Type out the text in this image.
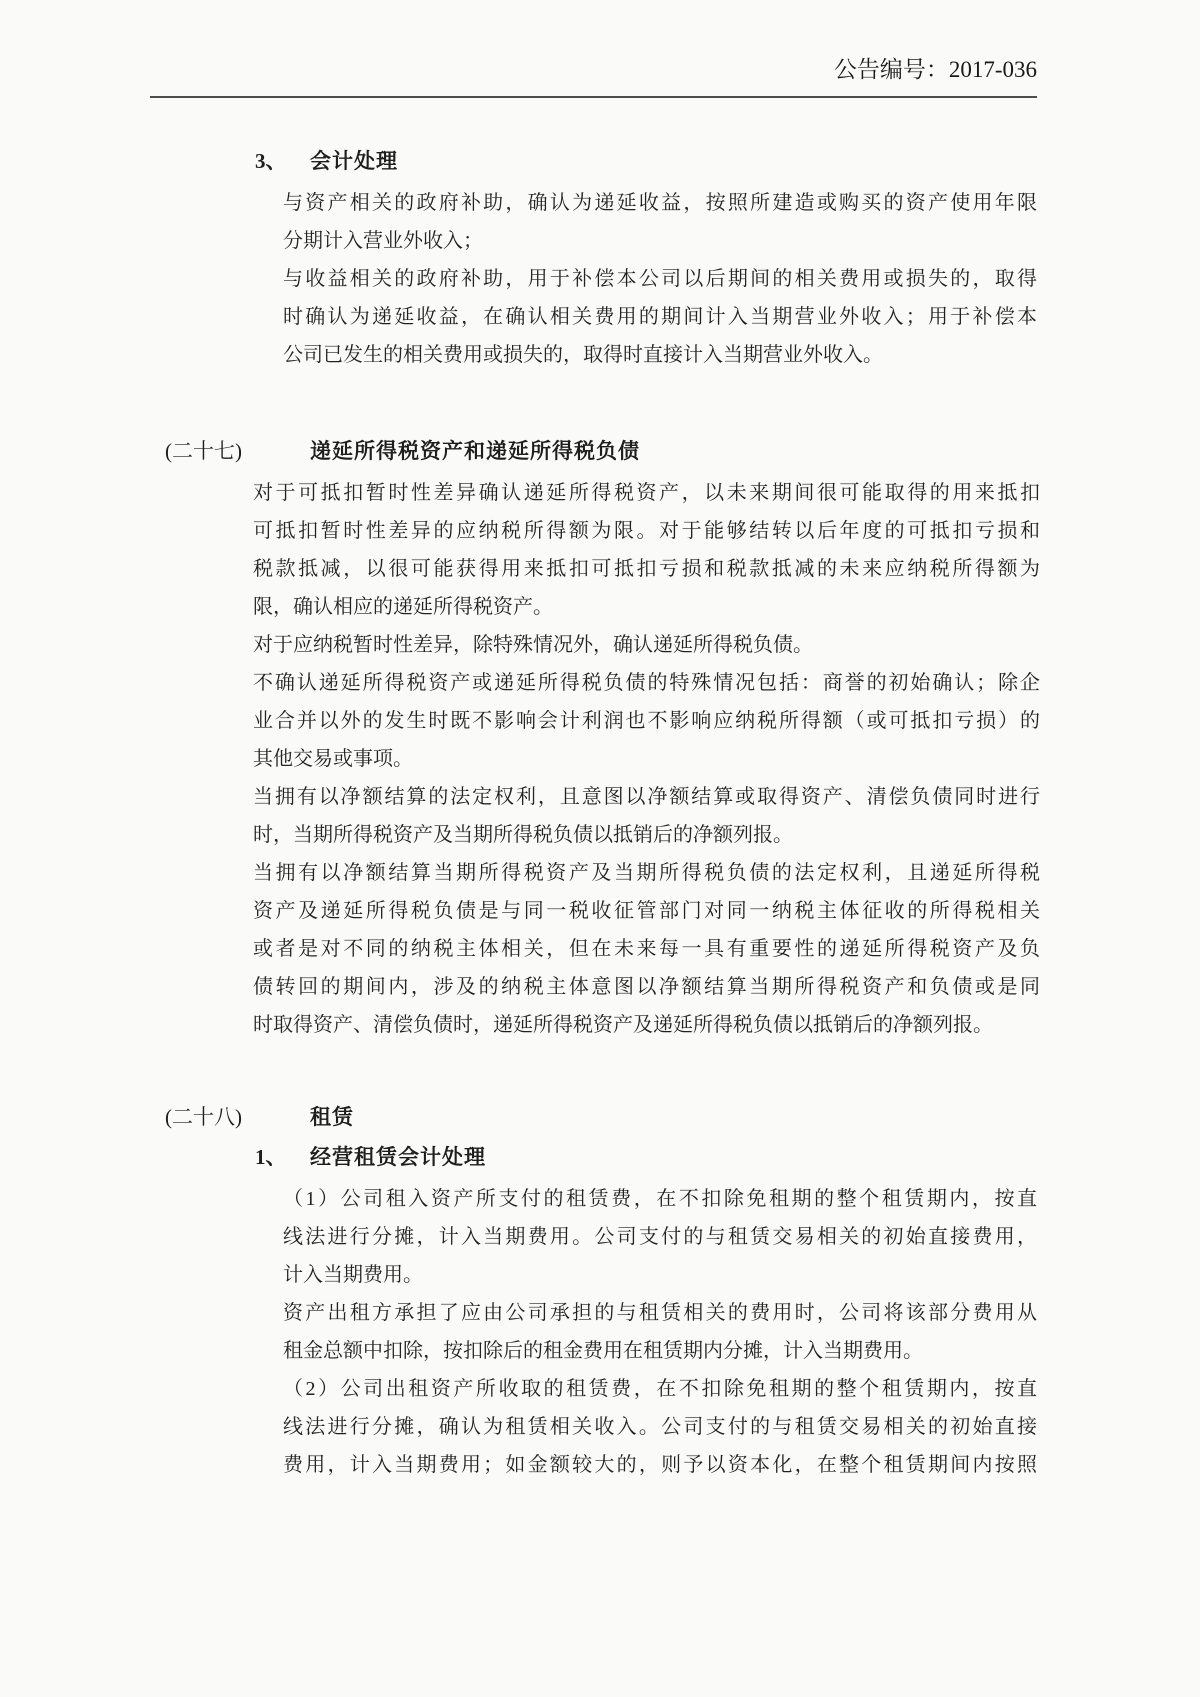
公告编号：2017-036
3、	会计处理
与资产相关的政府补助，确认为递延收益，按照所建造或购买的资产使用年限
分期计入营业外收入；
与收益相关的政府补助，用于补偿本公司以后期间的相关费用或损失的，取得
时确认为递延收益，在确认相关费用的期间计入当期营业外收入；用于补偿本
公司已发生的相关费用或损失的，取得时直接计入当期营业外收入。
(二十七)	递延所得税资产和递延所得税负债
对于可抵扣暂时性差异确认递延所得税资产，以未来期间很可能取得的用来抵扣
可抵扣暂时性差异的应纳税所得额为限。对于能够结转以后年度的可抵扣亏损和
税款抵减，以很可能获得用来抵扣可抵扣亏损和税款抵减的未来应纳税所得额为
限，确认相应的递延所得税资产。
对于应纳税暂时性差异，除特殊情况外，确认递延所得税负债。
不确认递延所得税资产或递延所得税负债的特殊情况包括：商誉的初始确认；除企
业合并以外的发生时既不影响会计利润也不影响应纳税所得额（或可抵扣亏损）的
其他交易或事项。
当拥有以净额结算的法定权利，且意图以净额结算或取得资产、清偿负债同时进行
时，当期所得税资产及当期所得税负债以抵销后的净额列报。
当拥有以净额结算当期所得税资产及当期所得税负债的法定权利，且递延所得税
资产及递延所得税负债是与同一税收征管部门对同一纳税主体征收的所得税相关
或者是对不同的纳税主体相关，但在未来每一具有重要性的递延所得税资产及负
债转回的期间内，涉及的纳税主体意图以净额结算当期所得税资产和负债或是同
时取得资产、清偿负债时，递延所得税资产及递延所得税负债以抵销后的净额列报。
(二十八)	租赁
1、	经营租赁会计处理
（1）公司租入资产所支付的租赁费，在不扣除免租期的整个租赁期内，按直
线法进行分摊，计入当期费用。公司支付的与租赁交易相关的初始直接费用，
计入当期费用。
资产出租方承担了应由公司承担的与租赁相关的费用时，公司将该部分费用从
租金总额中扣除，按扣除后的租金费用在租赁期内分摊，计入当期费用。
（2）公司出租资产所收取的租赁费，在不扣除免租期的整个租赁期内，按直
线法进行分摊，确认为租赁相关收入。公司支付的与租赁交易相关的初始直接
费用，计入当期费用；如金额较大的，则予以资本化，在整个租赁期间内按照
